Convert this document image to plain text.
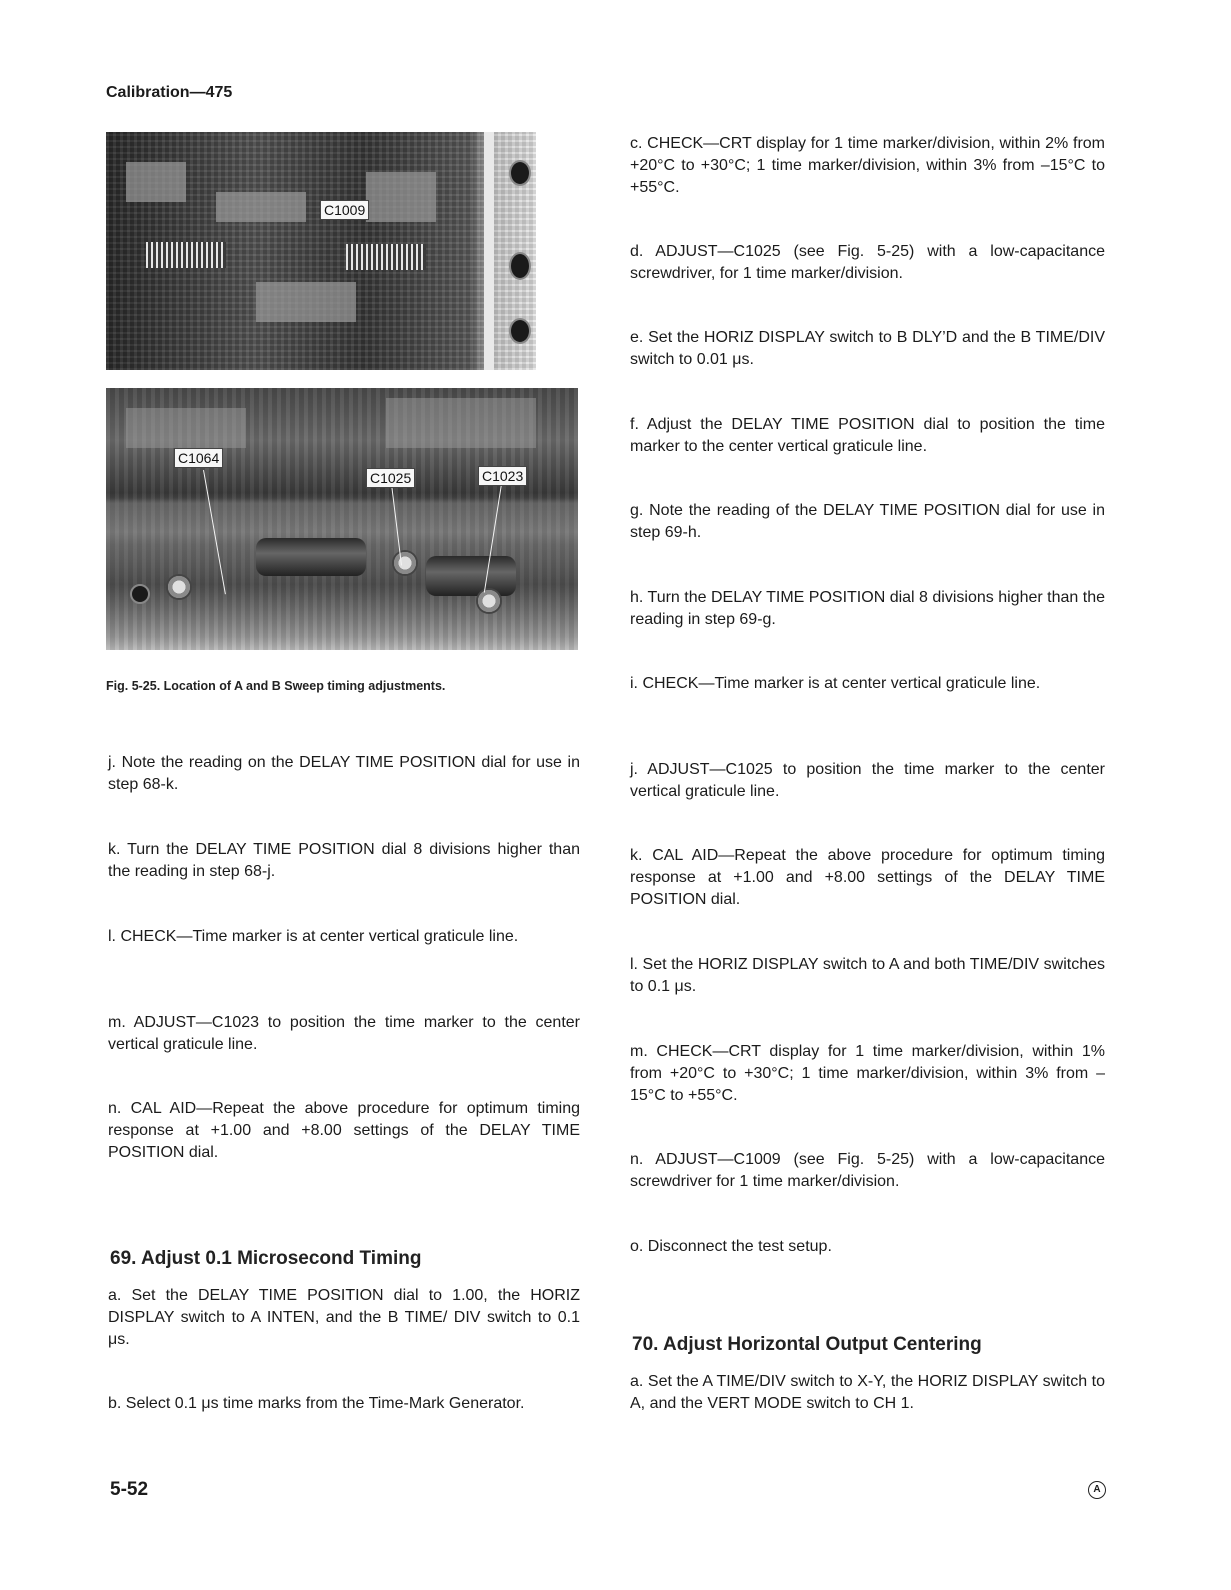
Calibration—475
C1009
C1064
C1025	C1023
Fig. 5-25. Location of A and B Sweep timing adjustments.
j. Note the reading on the DELAY TIME POSITION dial for use in step 68-k.
k. Turn the DELAY TIME POSITION dial 8 divisions higher than the reading in step 68-j.
l. CHECK—Time marker is at center vertical graticule line.
m. ADJUST—C1023 to position the time marker to the center vertical graticule line.
n. CAL AID—Repeat the above procedure for optimum timing response at +1.00 and +8.00 settings of the DELAY TIME POSITION dial.
69. Adjust 0.1 Microsecond Timing
a. Set the DELAY TIME POSITION dial to 1.00, the HORIZ DISPLAY switch to A INTEN, and the B TIME/ DIV switch to 0.1 μs.
b. Select 0.1 μs time marks from the Time-Mark Generator.
c. CHECK—CRT display for 1 time marker/division, within 2% from +20°C to +30°C; 1 time marker/division, within 3% from –15°C to +55°C.
d. ADJUST—C1025 (see Fig. 5-25) with a low-capacitance screwdriver, for 1 time marker/division.
e. Set the HORIZ DISPLAY switch to B DLY’D and the B TIME/DIV switch to 0.01 μs.
f. Adjust the DELAY TIME POSITION dial to position the time marker to the center vertical graticule line.
g. Note the reading of the DELAY TIME POSITION dial for use in step 69-h.
h. Turn the DELAY TIME POSITION dial 8 divisions higher than the reading in step 69-g.
i. CHECK—Time marker is at center vertical graticule line.
j. ADJUST—C1025 to position the time marker to the center vertical graticule line.
k. CAL AID—Repeat the above procedure for optimum timing response at +1.00 and +8.00 settings of the DELAY TIME POSITION dial.
l. Set the HORIZ DISPLAY switch to A and both TIME/DIV switches to 0.1 μs.
m. CHECK—CRT display for 1 time marker/division, within 1% from +20°C to +30°C; 1 time marker/division, within 3% from –15°C to +55°C.
n. ADJUST—C1009 (see Fig. 5-25) with a low-capacitance screwdriver for 1 time marker/division.
o. Disconnect the test setup.
70. Adjust Horizontal Output Centering
a. Set the A TIME/DIV switch to X-Y, the HORIZ DISPLAY switch to A, and the VERT MODE switch to CH 1.
5-52	A
